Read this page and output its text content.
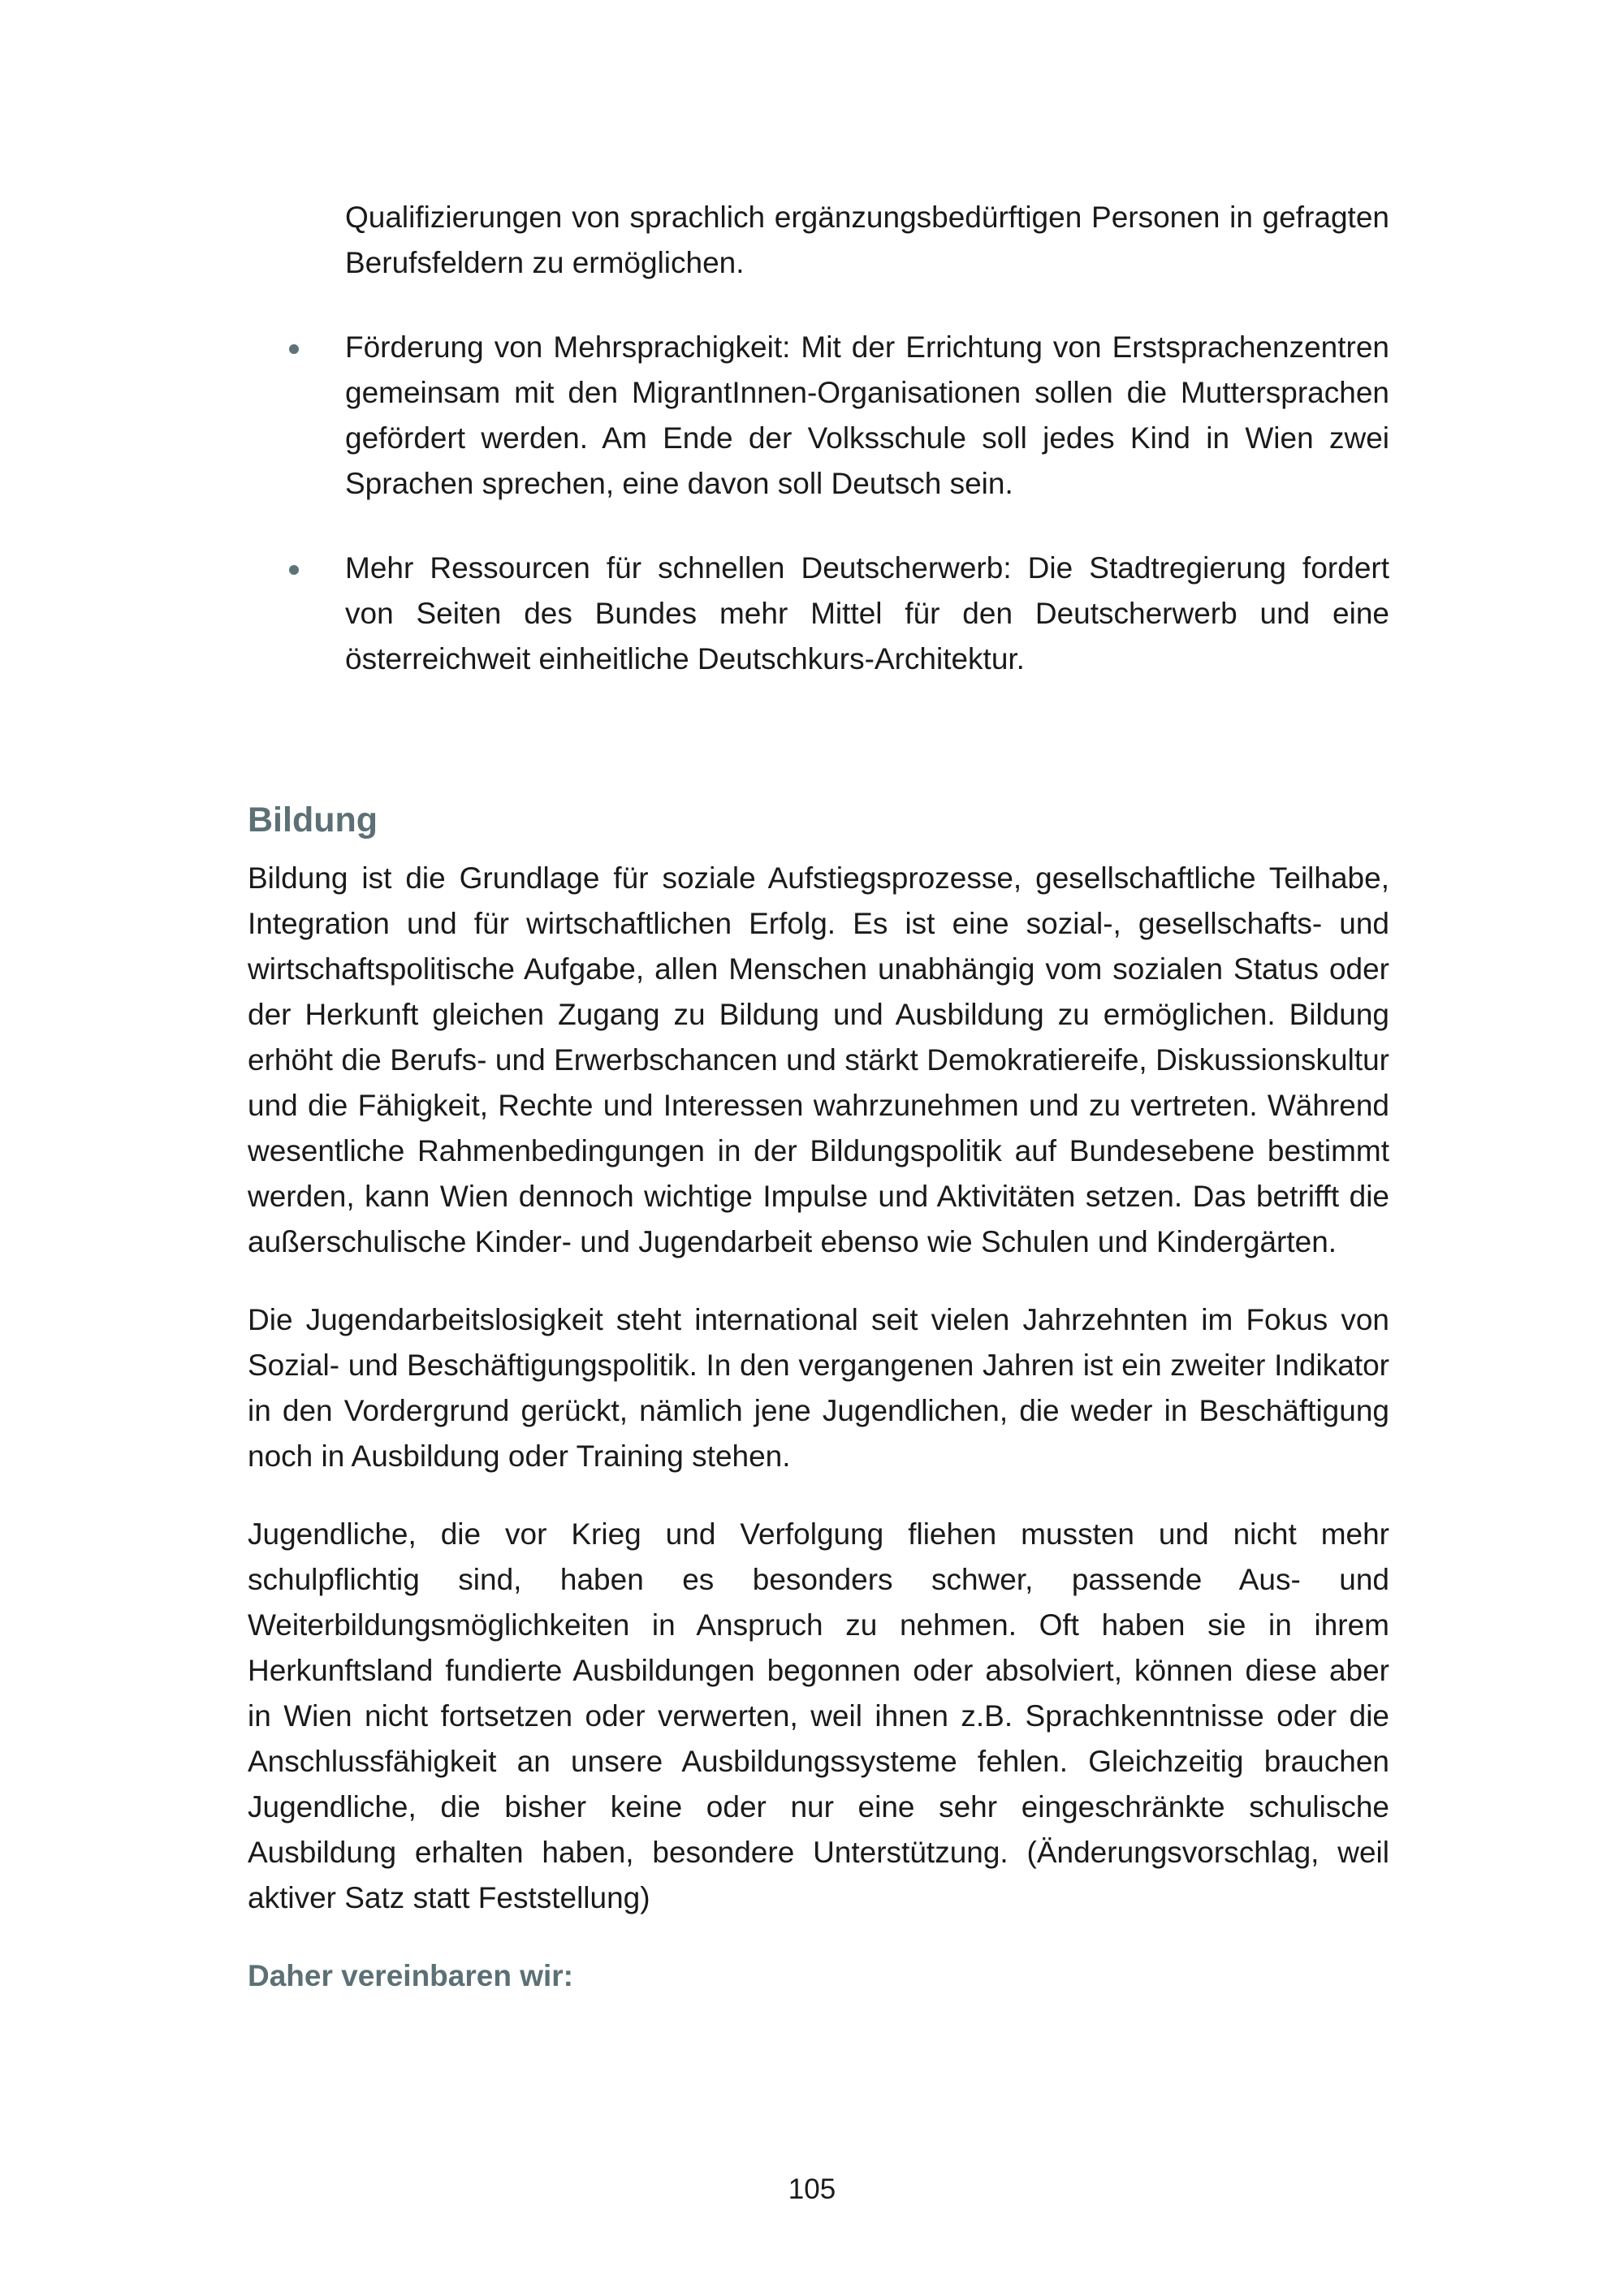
Qualifizierungen von sprachlich ergänzungsbedürftigen Personen in gefragten Berufsfeldern zu ermöglichen.

Förderung von Mehrsprachigkeit: Mit der Errichtung von Erstsprachenzentren gemeinsam mit den MigrantInnen-Organisationen sollen die Muttersprachen gefördert werden. Am Ende der Volksschule soll jedes Kind in Wien zwei Sprachen sprechen, eine davon soll Deutsch sein.
Mehr Ressourcen für schnellen Deutscherwerb: Die Stadtregierung fordert von Seiten des Bundes mehr Mittel für den Deutscherwerb und eine österreichweit einheitliche Deutschkurs-Architektur.
Bildung

Bildung ist die Grundlage für soziale Aufstiegsprozesse, gesellschaftliche Teilhabe, Integration und für wirtschaftlichen Erfolg. Es ist eine sozial-, gesellschafts- und wirtschaftspolitische Aufgabe, allen Menschen unabhängig vom sozialen Status oder der Herkunft gleichen Zugang zu Bildung und Ausbildung zu ermöglichen. Bildung erhöht die Berufs- und Erwerbschancen und stärkt Demokratiereife, Diskussionskultur und die Fähigkeit, Rechte und Interessen wahrzunehmen und zu vertreten. Während wesentliche Rahmenbedingungen in der Bildungspolitik auf Bundesebene bestimmt werden, kann Wien dennoch wichtige Impulse und Aktivitäten setzen. Das betrifft die außerschulische Kinder- und Jugendarbeit ebenso wie Schulen und Kindergärten.

Die Jugendarbeitslosigkeit steht international seit vielen Jahrzehnten im Fokus von Sozial- und Beschäftigungspolitik. In den vergangenen Jahren ist ein zweiter Indikator in den Vordergrund gerückt, nämlich jene Jugendlichen, die weder in Beschäftigung noch in Ausbildung oder Training stehen.

Jugendliche, die vor Krieg und Verfolgung fliehen mussten und nicht mehr schulpflichtig sind, haben es besonders schwer, passende Aus- und Weiterbildungsmöglichkeiten in Anspruch zu nehmen. Oft haben sie in ihrem Herkunftsland fundierte Ausbildungen begonnen oder absolviert, können diese aber in Wien nicht fortsetzen oder verwerten, weil ihnen z.B. Sprachkenntnisse oder die Anschlussfähigkeit an unsere Ausbildungssysteme fehlen. Gleichzeitig brauchen Jugendliche, die bisher keine oder nur eine sehr eingeschränkte schulische Ausbildung erhalten haben, besondere Unterstützung. (Änderungsvorschlag, weil aktiver Satz statt Feststellung)

Daher vereinbaren wir:
105
